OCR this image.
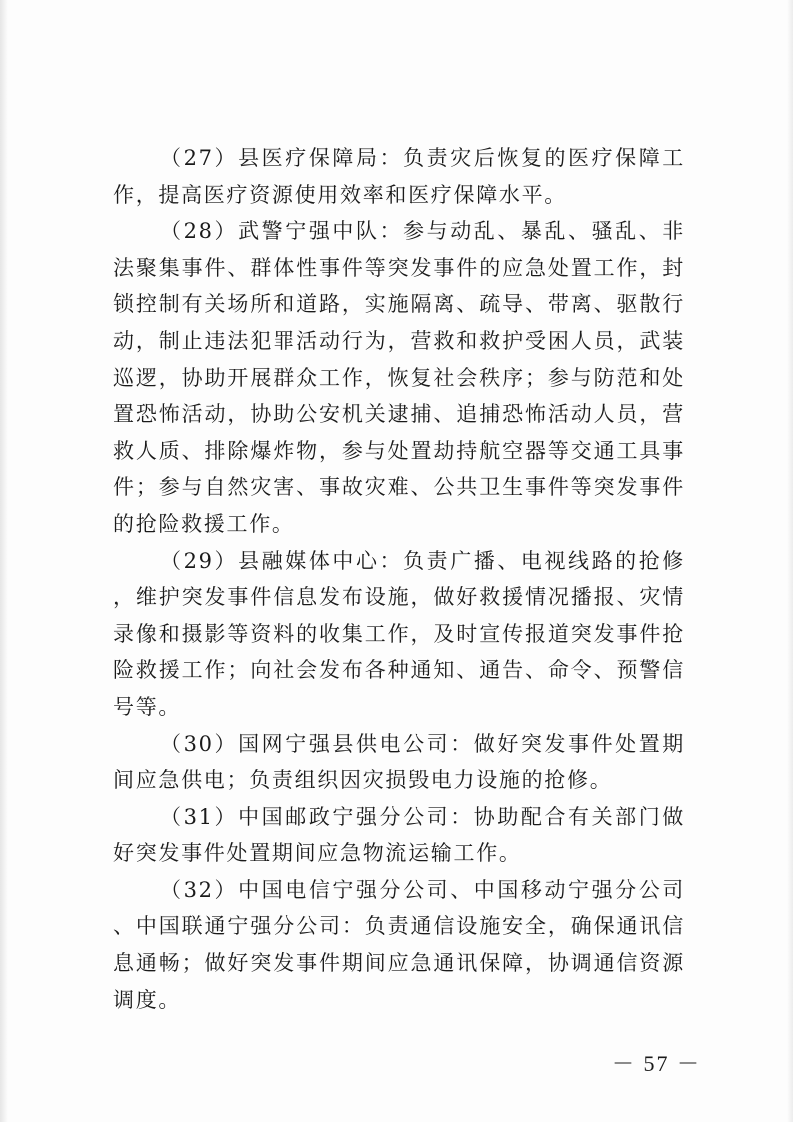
（27）县医疗保障局：负责灾后恢复的医疗保障工作，提高医疗资源使用效率和医疗保障水平。

（28）武警宁强中队：参与动乱、暴乱、骚乱、非法聚集事件、群体性事件等突发事件的应急处置工作，封锁控制有关场所和道路，实施隔离、疏导、带离、驱散行动，制止违法犯罪活动行为，营救和救护受困人员，武装巡逻，协助开展群众工作，恢复社会秩序；参与防范和处置恐怖活动，协助公安机关逮捕、追捕恐怖活动人员，营救人质、排除爆炸物，参与处置劫持航空器等交通工具事件；参与自然灾害、事故灾难、公共卫生事件等突发事件的抢险救援工作。

（29）县融媒体中心：负责广播、电视线路的抢修，维护突发事件信息发布设施，做好救援情况播报、灾情录像和摄影等资料的收集工作，及时宣传报道突发事件抢险救援工作；向社会发布各种通知、通告、命令、预警信号等。

（30）国网宁强县供电公司：做好突发事件处置期间应急供电；负责组织因灾损毁电力设施的抢修。

（31）中国邮政宁强分公司：协助配合有关部门做好突发事件处置期间应急物流运输工作。

（32）中国电信宁强分公司、中国移动宁强分公司、中国联通宁强分公司：负责通信设施安全，确保通讯信息通畅；做好突发事件期间应急通讯保障，协调通信资源调度。

－ 57 －
